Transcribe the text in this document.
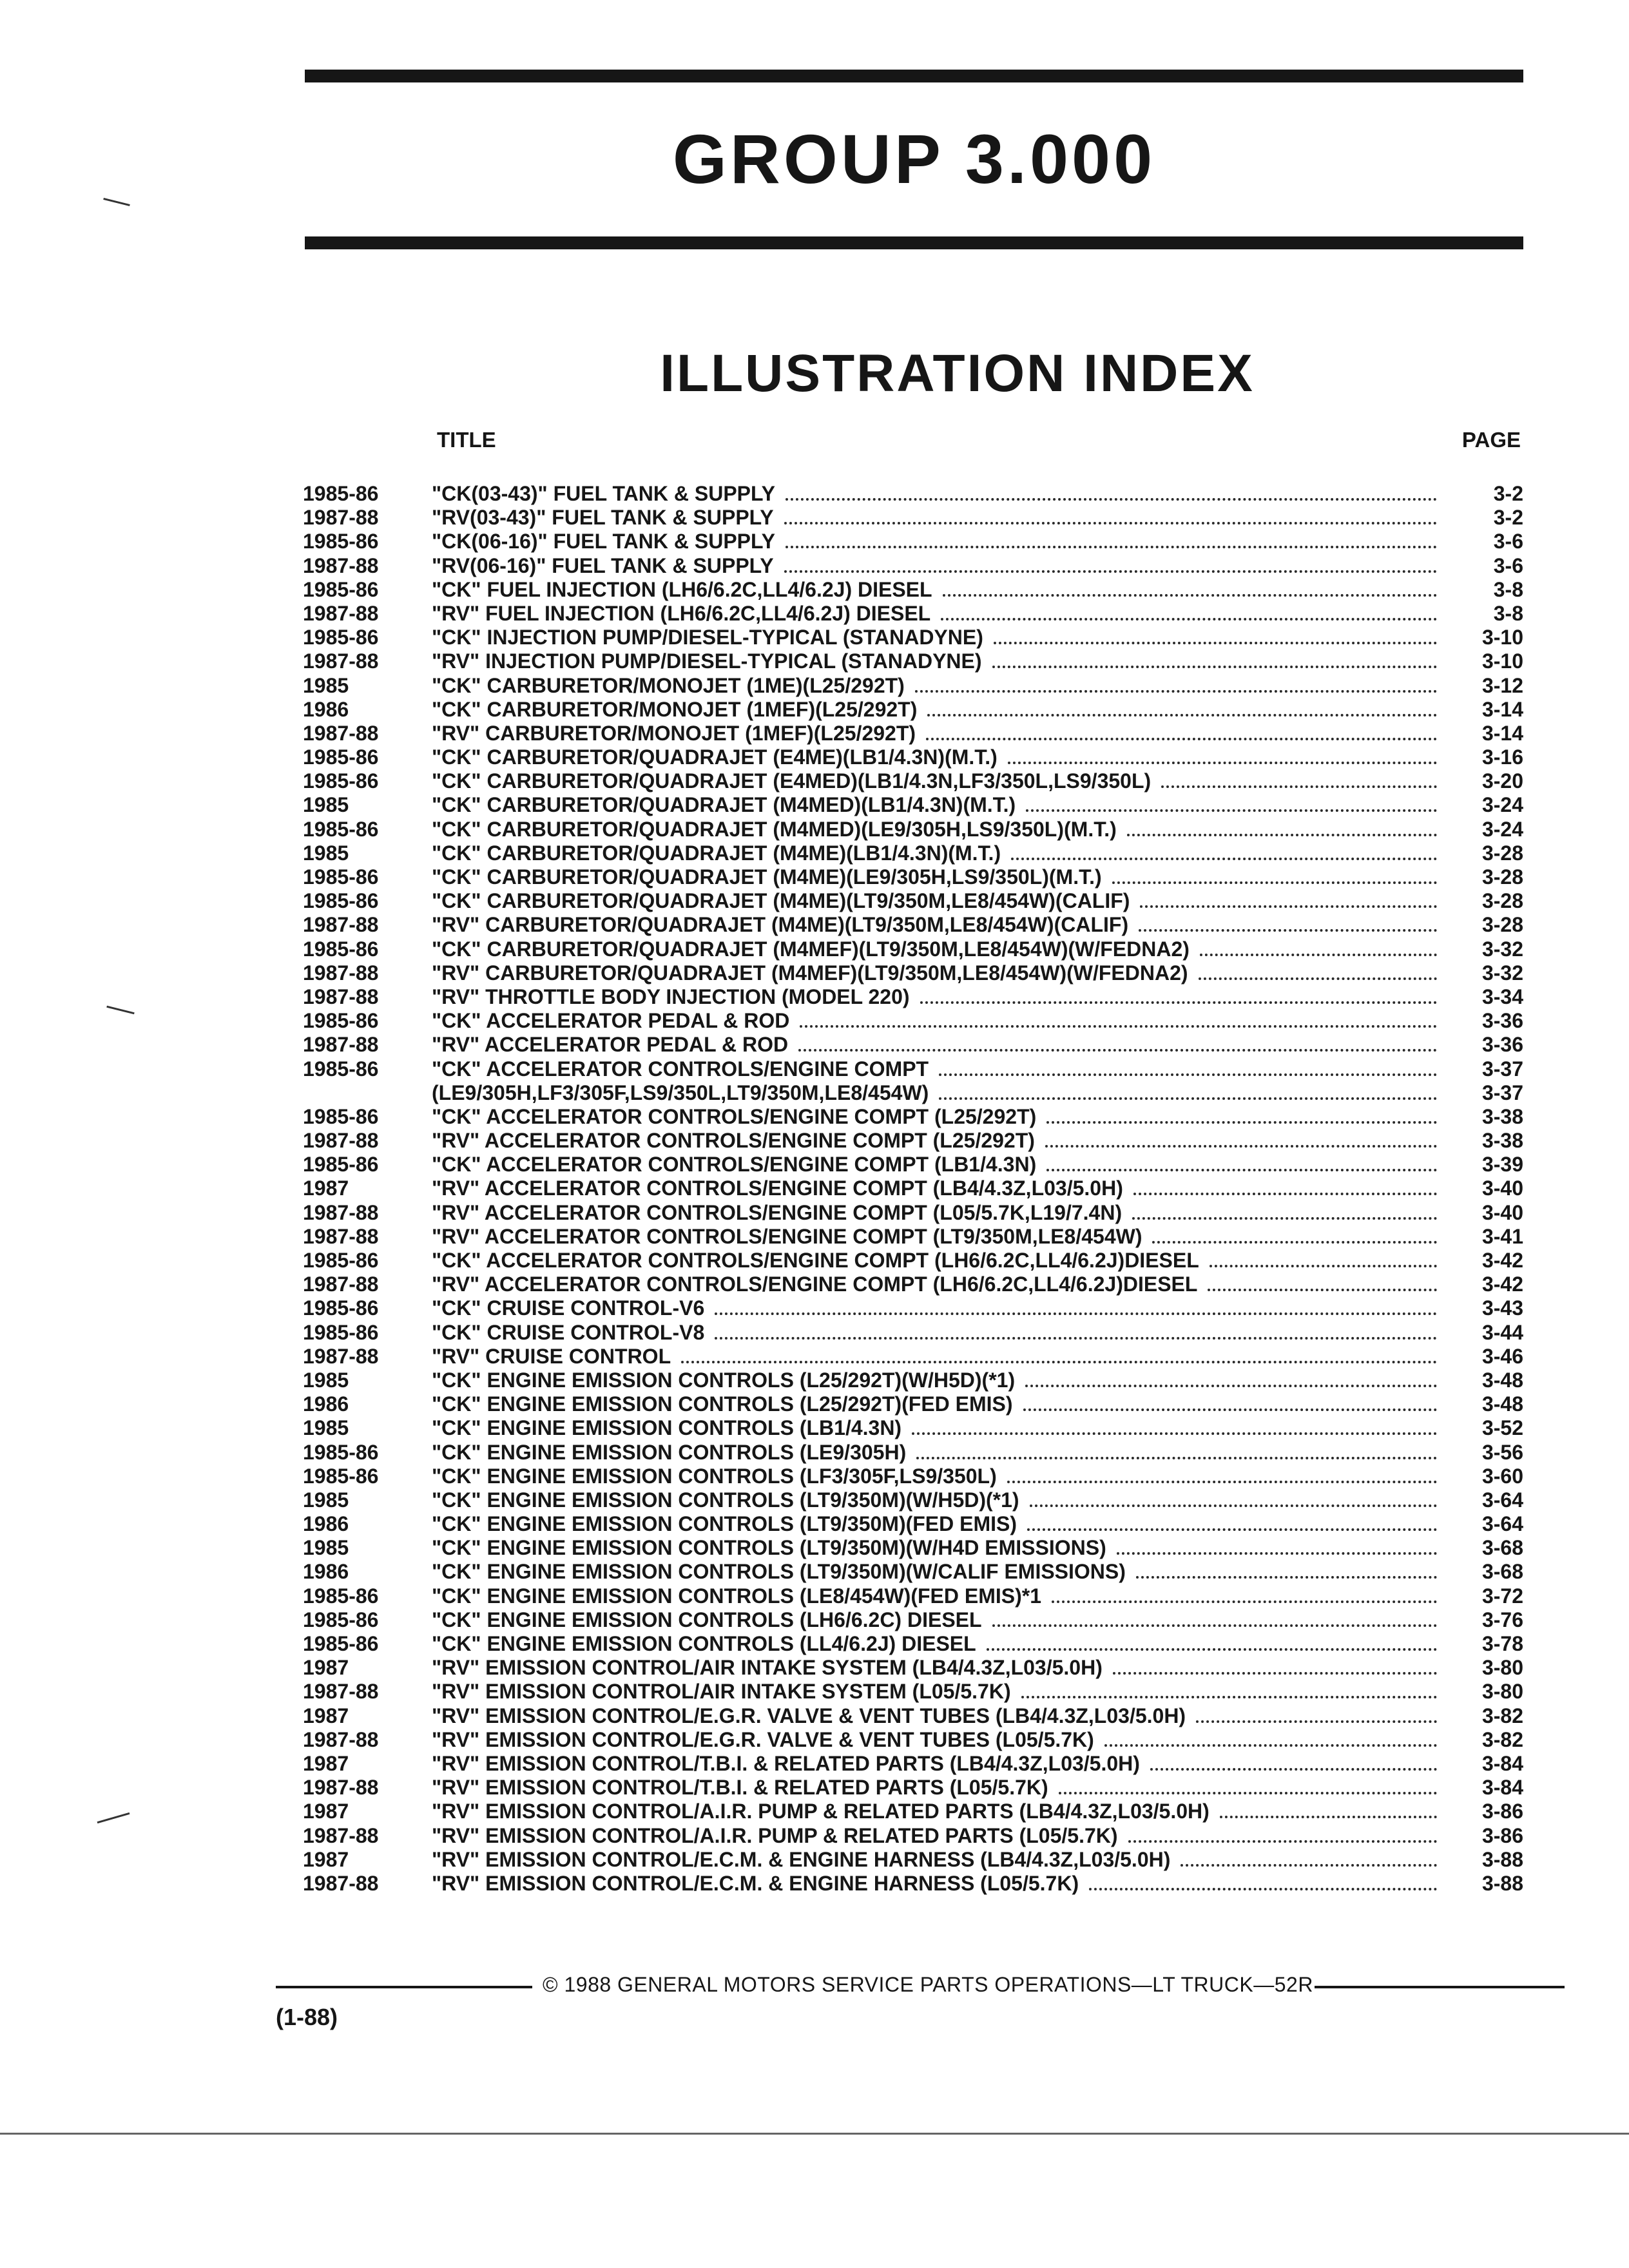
GROUP 3.000
ILLUSTRATION INDEX
TITLE	PAGE
1985-86	"CK(03-43)" FUEL TANK & SUPPLY	3-2
1987-88	"RV(03-43)" FUEL TANK & SUPPLY	3-2
1985-86	"CK(06-16)" FUEL TANK & SUPPLY	3-6
1987-88	"RV(06-16)" FUEL TANK & SUPPLY	3-6
1985-86	"CK" FUEL INJECTION (LH6/6.2C,LL4/6.2J) DIESEL	3-8
1987-88	"RV" FUEL INJECTION (LH6/6.2C,LL4/6.2J) DIESEL	3-8
1985-86	"CK" INJECTION PUMP/DIESEL-TYPICAL (STANADYNE)	3-10
1987-88	"RV" INJECTION PUMP/DIESEL-TYPICAL (STANADYNE)	3-10
1985	"CK" CARBURETOR/MONOJET (1ME)(L25/292T)	3-12
1986	"CK" CARBURETOR/MONOJET (1MEF)(L25/292T)	3-14
1987-88	"RV" CARBURETOR/MONOJET (1MEF)(L25/292T)	3-14
1985-86	"CK" CARBURETOR/QUADRAJET (E4ME)(LB1/4.3N)(M.T.)	3-16
1985-86	"CK" CARBURETOR/QUADRAJET (E4MED)(LB1/4.3N,LF3/350L,LS9/350L)	3-20
1985	"CK" CARBURETOR/QUADRAJET (M4MED)(LB1/4.3N)(M.T.)	3-24
1985-86	"CK" CARBURETOR/QUADRAJET (M4MED)(LE9/305H,LS9/350L)(M.T.)	3-24
1985	"CK" CARBURETOR/QUADRAJET (M4ME)(LB1/4.3N)(M.T.)	3-28
1985-86	"CK" CARBURETOR/QUADRAJET (M4ME)(LE9/305H,LS9/350L)(M.T.)	3-28
1985-86	"CK" CARBURETOR/QUADRAJET (M4ME)(LT9/350M,LE8/454W)(CALIF)	3-28
1987-88	"RV" CARBURETOR/QUADRAJET (M4ME)(LT9/350M,LE8/454W)(CALIF)	3-28
1985-86	"CK" CARBURETOR/QUADRAJET (M4MEF)(LT9/350M,LE8/454W)(W/FEDNA2)	3-32
1987-88	"RV" CARBURETOR/QUADRAJET (M4MEF)(LT9/350M,LE8/454W)(W/FEDNA2)	3-32
1987-88	"RV" THROTTLE BODY INJECTION (MODEL 220)	3-34
1985-86	"CK" ACCELERATOR PEDAL & ROD	3-36
1987-88	"RV" ACCELERATOR PEDAL & ROD	3-36
1985-86	"CK" ACCELERATOR CONTROLS/ENGINE COMPT	3-37
(LE9/305H,LF3/305F,LS9/350L,LT9/350M,LE8/454W)	3-37
1985-86	"CK" ACCELERATOR CONTROLS/ENGINE COMPT (L25/292T)	3-38
1987-88	"RV" ACCELERATOR CONTROLS/ENGINE COMPT (L25/292T)	3-38
1985-86	"CK" ACCELERATOR CONTROLS/ENGINE COMPT (LB1/4.3N)	3-39
1987	"RV" ACCELERATOR CONTROLS/ENGINE COMPT (LB4/4.3Z,L03/5.0H)	3-40
1987-88	"RV" ACCELERATOR CONTROLS/ENGINE COMPT (L05/5.7K,L19/7.4N)	3-40
1987-88	"RV" ACCELERATOR CONTROLS/ENGINE COMPT (LT9/350M,LE8/454W)	3-41
1985-86	"CK" ACCELERATOR CONTROLS/ENGINE COMPT (LH6/6.2C,LL4/6.2J)DIESEL	3-42
1987-88	"RV" ACCELERATOR CONTROLS/ENGINE COMPT (LH6/6.2C,LL4/6.2J)DIESEL	3-42
1985-86	"CK" CRUISE CONTROL-V6	3-43
1985-86	"CK" CRUISE CONTROL-V8	3-44
1987-88	"RV" CRUISE CONTROL	3-46
1985	"CK" ENGINE EMISSION CONTROLS (L25/292T)(W/H5D)(*1)	3-48
1986	"CK" ENGINE EMISSION CONTROLS (L25/292T)(FED EMIS)	3-48
1985	"CK" ENGINE EMISSION CONTROLS (LB1/4.3N)	3-52
1985-86	"CK" ENGINE EMISSION CONTROLS (LE9/305H)	3-56
1985-86	"CK" ENGINE EMISSION CONTROLS (LF3/305F,LS9/350L)	3-60
1985	"CK" ENGINE EMISSION CONTROLS (LT9/350M)(W/H5D)(*1)	3-64
1986	"CK" ENGINE EMISSION CONTROLS (LT9/350M)(FED EMIS)	3-64
1985	"CK" ENGINE EMISSION CONTROLS (LT9/350M)(W/H4D EMISSIONS)	3-68
1986	"CK" ENGINE EMISSION CONTROLS (LT9/350M)(W/CALIF EMISSIONS)	3-68
1985-86	"CK" ENGINE EMISSION CONTROLS (LE8/454W)(FED EMIS)*1	3-72
1985-86	"CK" ENGINE EMISSION CONTROLS (LH6/6.2C) DIESEL	3-76
1985-86	"CK" ENGINE EMISSION CONTROLS (LL4/6.2J) DIESEL	3-78
1987	"RV" EMISSION CONTROL/AIR INTAKE SYSTEM (LB4/4.3Z,L03/5.0H)	3-80
1987-88	"RV" EMISSION CONTROL/AIR INTAKE SYSTEM (L05/5.7K)	3-80
1987	"RV" EMISSION CONTROL/E.G.R. VALVE & VENT TUBES (LB4/4.3Z,L03/5.0H)	3-82
1987-88	"RV" EMISSION CONTROL/E.G.R. VALVE & VENT TUBES (L05/5.7K)	3-82
1987	"RV" EMISSION CONTROL/T.B.I. & RELATED PARTS (LB4/4.3Z,L03/5.0H)	3-84
1987-88	"RV" EMISSION CONTROL/T.B.I. & RELATED PARTS (L05/5.7K)	3-84
1987	"RV" EMISSION CONTROL/A.I.R. PUMP & RELATED PARTS (LB4/4.3Z,L03/5.0H)	3-86
1987-88	"RV" EMISSION CONTROL/A.I.R. PUMP & RELATED PARTS (L05/5.7K)	3-86
1987	"RV" EMISSION CONTROL/E.C.M. & ENGINE HARNESS (LB4/4.3Z,L03/5.0H)	3-88
1987-88	"RV" EMISSION CONTROL/E.C.M. & ENGINE HARNESS (L05/5.7K)	3-88
© 1988 GENERAL MOTORS SERVICE PARTS OPERATIONS—LT TRUCK—52R
(1-88)
